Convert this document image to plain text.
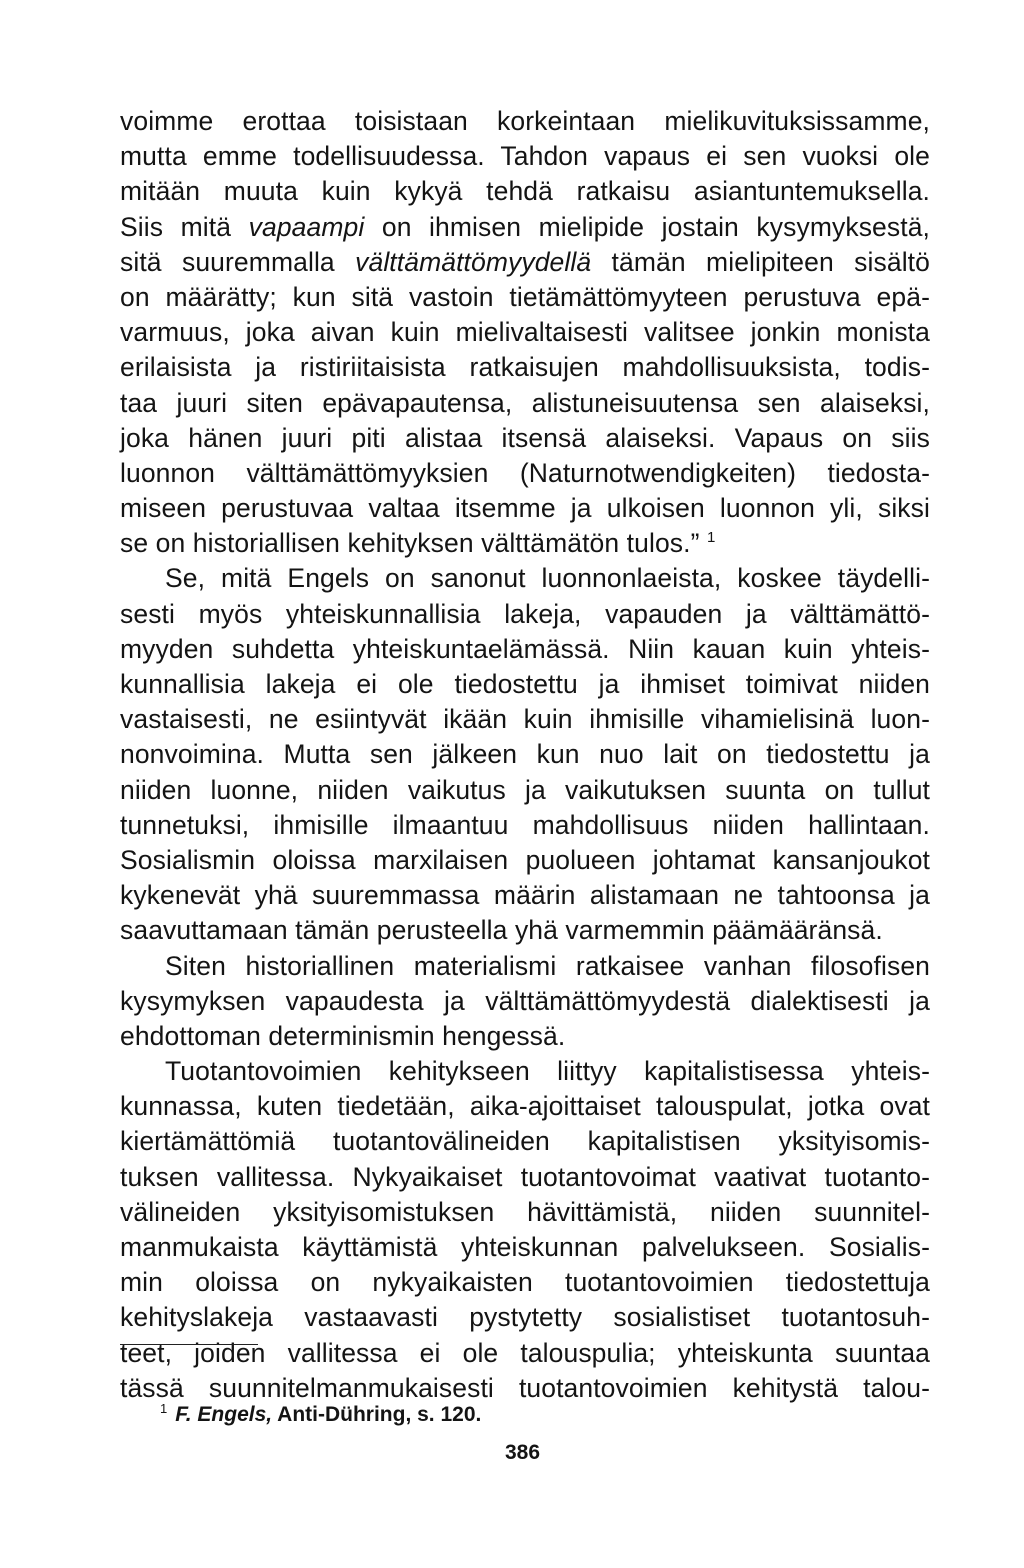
voimme erottaa toisistaan korkeintaan mielikuvituksissamme,
mutta emme todellisuudessa. Tahdon vapaus ei sen vuoksi ole
mitään muuta kuin kykyä tehdä ratkaisu asiantuntemuksella.
Siis mitä vapaampi on ihmisen mielipide jostain kysymyksestä,
sitä suuremmalla välttämättömyydellä tämän mielipiteen sisältö
on määrätty; kun sitä vastoin tietämättömyyteen perustuva epä-
varmuus, joka aivan kuin mielivaltaisesti valitsee jonkin monista
erilaisista ja ristiriitaisista ratkaisujen mahdollisuuksista, todis-
taa juuri siten epävapautensa, alistuneisuutensa sen alaiseksi,
joka hänen juuri piti alistaa itsensä alaiseksi. Vapaus on siis
luonnon välttämättömyyksien (Naturnotwendigkeiten) tiedosta-
miseen perustuvaa valtaa itsemme ja ulkoisen luonnon yli, siksi
se on historiallisen kehityksen välttämätön tulos.” $^1$
Se, mitä Engels on sanonut luonnonlaeista, koskee täydelli-
sesti myös yhteiskunnallisia lakeja, vapauden ja välttämättö-
myyden suhdetta yhteiskuntaelämässä. Niin kauan kuin yhteis-
kunnallisia lakeja ei ole tiedostettu ja ihmiset toimivat niiden
vastaisesti, ne esiintyvät ikään kuin ihmisille vihamielisinä luon-
nonvoimina. Mutta sen jälkeen kun nuo lait on tiedostettu ja
niiden luonne, niiden vaikutus ja vaikutuksen suunta on tullut
tunnetuksi, ihmisille ilmaantuu mahdollisuus niiden hallintaan.
Sosialismin oloissa marxilaisen puolueen johtamat kansanjoukot
kykenevät yhä suuremmassa määrin alistamaan ne tahtoonsa ja
saavuttamaan tämän perusteella yhä varmemmin päämääränsä.
Siten historiallinen materialismi ratkaisee vanhan filosofisen
kysymyksen vapaudesta ja välttämättömyydestä dialektisesti ja
ehdottoman determinismin hengessä.
Tuotantovoimien kehitykseen liittyy kapitalistisessa yhteis-
kunnassa, kuten tiedetään, aika-ajoittaiset talouspulat, jotka ovat
kiertämättömiä tuotantovälineiden kapitalistisen yksityisomis-
tuksen vallitessa. Nykyaikaiset tuotantovoimat vaativat tuotanto-
välineiden yksityisomistuksen hävittämistä, niiden suunnitel-
manmukaista käyttämistä yhteiskunnan palvelukseen. Sosialis-
min oloissa on nykyaikaisten tuotantovoimien tiedostettuja
kehityslakeja vastaavasti pystytetty sosialistiset tuotantosuh-
teet, joiden vallitessa ei ole talouspulia; yhteiskunta suuntaa
tässä suunnitelmanmukaisesti tuotantovoimien kehitystä talou-
$^1$ F. Engels, Anti-Dühring, s. 120.
386
